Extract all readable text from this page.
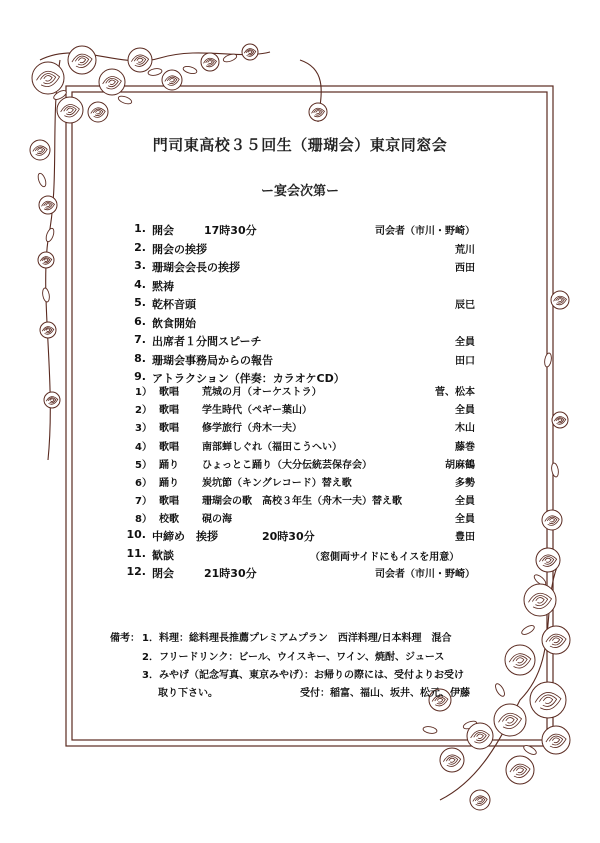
門司東高校３５回生（珊瑚会）東京同窓会
ー宴会次第ー
1. 開会	17時30分	司会者（市川・野崎）
2. 開会の挨拶	荒川
3. 珊瑚会会長の挨拶	西田
4. 黙祷
5. 乾杯音頭	辰巳
6. 飲食開始
7. 出席者１分間スピーチ	全員
8. 珊瑚会事務局からの報告	田口
9. アトラクション（伴奏：カラオケCD）
1） 歌唱 荒城の月（オーケストラ）	菅、松本
2） 歌唱 学生時代（ペギー葉山）	全員
3） 歌唱 修学旅行（舟木一夫）	木山
4） 歌唱 南部蝉しぐれ（福田こうへい）	藤巻
5） 踊り ひょっとこ踊り（大分伝統芸保存会）	胡麻鶴
6） 踊り 炭坑節（キングレコード）替え歌	多勢
7） 歌唱 珊瑚会の歌　高校３年生（舟木一夫）替え歌	全員
8） 校歌 硯の海	全員
10. 中締め　挨拶	20時30分	豊田
11. 歓談	（窓側両サイドにもイスを用意）
12. 閉会	21時30分	司会者（市川・野崎）
備考： 1．料理：総料理長推薦プレミアムプラン　西洋料理/日本料理　混合
2．フリードリンク：ビール、ウイスキー、ワイン、焼酎、ジュース
3．みやげ（記念写真、東京みやげ）：お帰りの際には、受付よりお受け
取り下さい。	受付：稲富、福山、坂井、松元、伊藤
